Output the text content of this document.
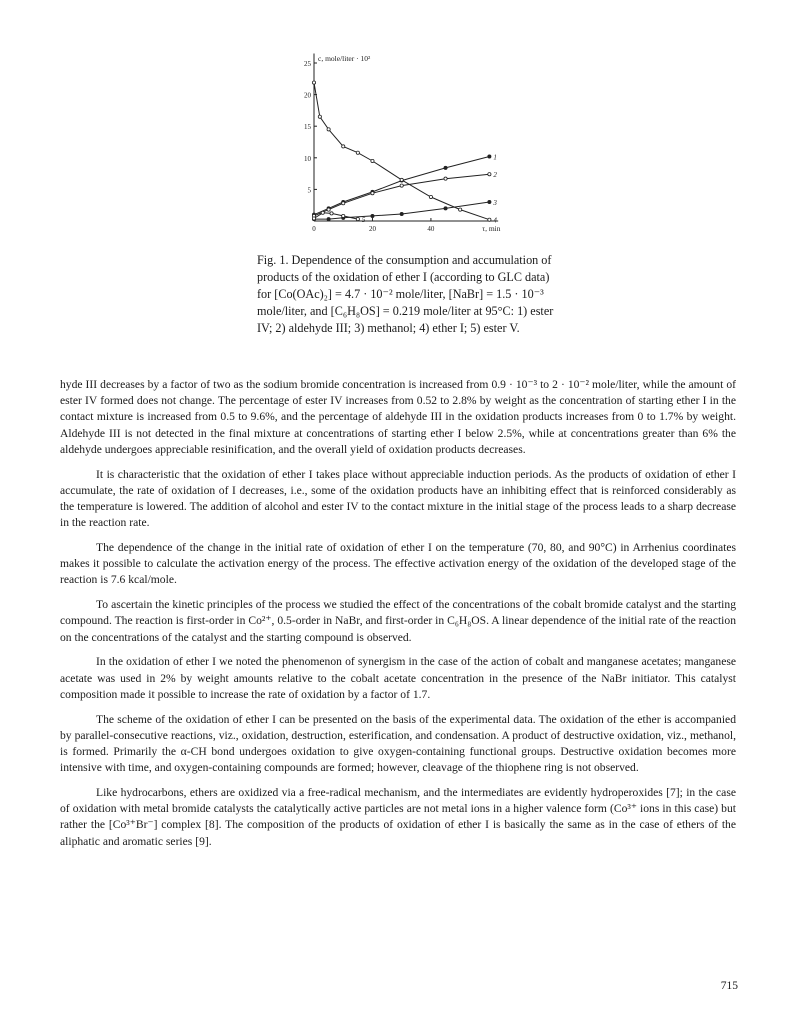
25
20
15
10
5
0	20	40
c, mole/liter · 10²
τ, min
1
2
3
4
5

Fig. 1. Dependence of the consumption and accumulation of products of the oxidation of ether I (according to GLC data) for [Co(OAc)₂] = 4.7 · 10⁻² mole/liter, [NaBr] = 1.5 · 10⁻³ mole/liter, and [C₆H₈OS] = 0.219 mole/liter at 95°C: 1) ester IV; 2) aldehyde III; 3) methanol; 4) ether I; 5) ester V.

hyde III decreases by a factor of two as the sodium bromide concentration is increased from 0.9 · 10⁻³ to 2 · 10⁻² mole/liter, while the amount of ester IV formed does not change. The percentage of ester IV increases from 0.52 to 2.8% by weight as the concentration of starting ether I in the contact mixture is increased from 0.5 to 9.6%, and the percentage of aldehyde III in the oxidation products increases from 0 to 1.7% by weight. Aldehyde III is not detected in the final mixture at concentrations of starting ether I below 2.5%, while at concentrations greater than 6% the aldehyde undergoes appreciable resinification, and the overall yield of oxidation products decreases.

It is characteristic that the oxidation of ether I takes place without appreciable induction periods. As the products of oxidation of ether I accumulate, the rate of oxidation of I decreases, i.e., some of the oxidation products have an inhibiting effect that is reinforced considerably as the temperature is lowered. The addition of alcohol and ester IV to the contact mixture in the initial stage of the process leads to a sharp decrease in the reaction rate.

The dependence of the change in the initial rate of oxidation of ether I on the temperature (70, 80, and 90°C) in Arrhenius coordinates makes it possible to calculate the activation energy of the process. The effective activation energy of the oxidation of the developed stage of the reaction is 7.6 kcal/mole.

To ascertain the kinetic principles of the process we studied the effect of the concentrations of the cobalt bromide catalyst and the starting compound. The reaction is first-order in Co²⁺, 0.5-order in NaBr, and first-order in C₆H₈OS. A linear dependence of the initial rate of the reaction on the concentrations of the catalyst and the starting compound is observed.

In the oxidation of ether I we noted the phenomenon of synergism in the case of the action of cobalt and manganese acetates; manganese acetate was used in 2% by weight amounts relative to the cobalt acetate concentration in the presence of the NaBr initiator. This catalyst composition made it possible to increase the rate of oxidation by a factor of 1.7.

The scheme of the oxidation of ether I can be presented on the basis of the experimental data. The oxidation of the ether is accompanied by parallel-consecutive reactions, viz., oxidation, destruction, esterification, and condensation. A product of destructive oxidation, viz., methanol, is formed. Primarily the α-CH bond undergoes oxidation to give oxygen-containing functional groups. Destructive oxidation becomes more intensive with time, and oxygen-containing compounds are formed; however, cleavage of the thiophene ring is not observed.

Like hydrocarbons, ethers are oxidized via a free-radical mechanism, and the intermediates are evidently hydroperoxides [7]; in the case of oxidation with metal bromide catalysts the catalytically active particles are not metal ions in a higher valence form (Co³⁺ ions in this case) but rather the [Co³⁺Br⁻] complex [8]. The composition of the products of oxidation of ether I is basically the same as in the case of ethers of the aliphatic and aromatic series [9].

715
